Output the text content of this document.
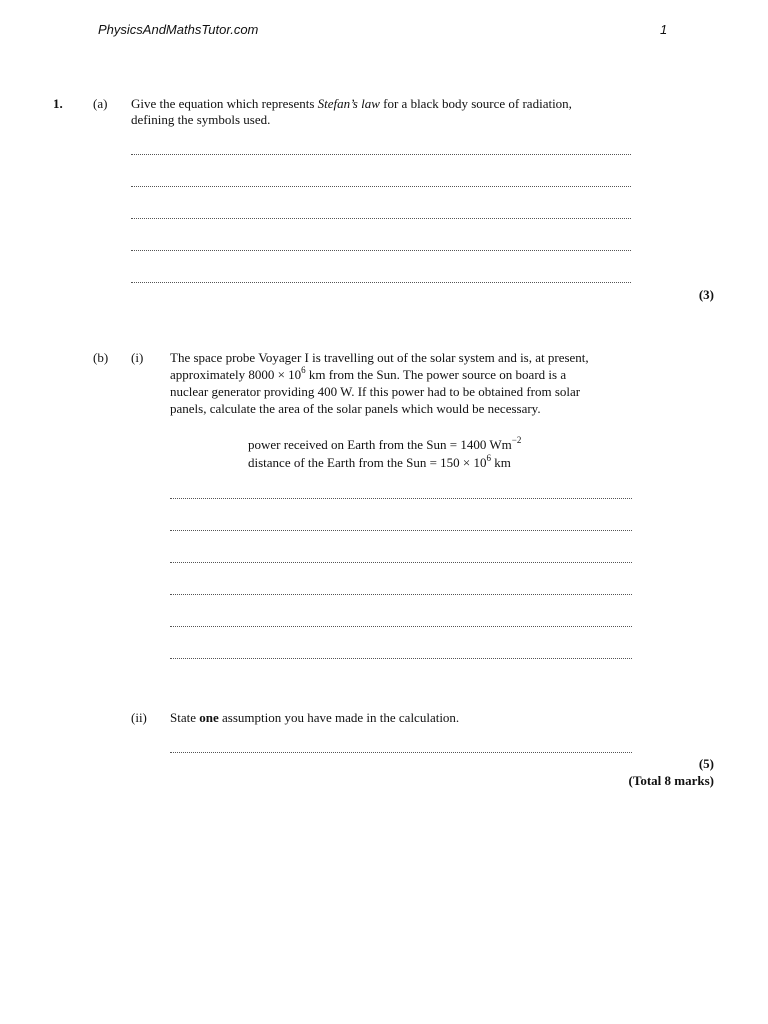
PhysicsAndMathsTutor.com	1
1. (a) Give the equation which represents Stefan’s law for a black body source of radiation,
defining the symbols used.
(3)
(b) (i) The space probe Voyager I is travelling out of the solar system and is, at present,
approximately $8000 \times 10^6$ km from the Sun. The power source on board is a
nuclear generator providing 400 W. If this power had to be obtained from solar
panels, calculate the area of the solar panels which would be necessary.
power received on Earth from the Sun = 1400 $Wm^{-2}$
distance of the Earth from the Sun = $150 \times 10^6$ km
(ii) State one assumption you have made in the calculation.
(5)
(Total 8 marks)
